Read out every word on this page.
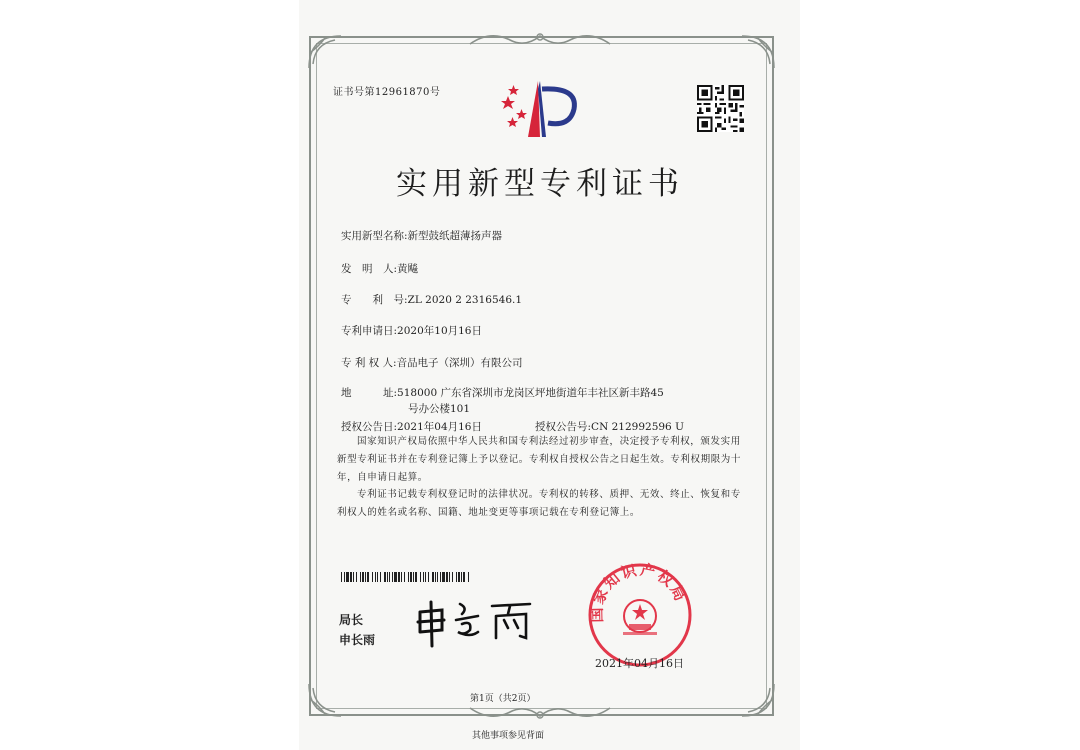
证书号第12961870号
实用新型专利证书
实用新型名称:新型鼓纸超薄扬声器
发　明　人:黄飚
专　　利　号:ZL 2020 2 2316546.1
专利申请日:2020年10月16日
专 利 权 人:音品电子（深圳）有限公司
地　　　址:518000 广东省深圳市龙岗区坪地街道年丰社区新丰路45
号办公楼101
授权公告日:2021年04月16日	授权公告号:CN 212992596 U
国家知识产权局依照中华人民共和国专利法经过初步审查，决定授予专利权，颁发实用新型专利证书并在专利登记簿上予以登记。专利权自授权公告之日起生效。专利权期限为十年，自申请日起算。
专利证书记载专利权登记时的法律状况。专利权的转移、质押、无效、终止、恢复和专利权人的姓名或名称、国籍、地址变更等事项记载在专利登记簿上。
局长
申长雨
国家知识产权局
2021年04月16日
第1页（共2页）
其他事项参见背面
